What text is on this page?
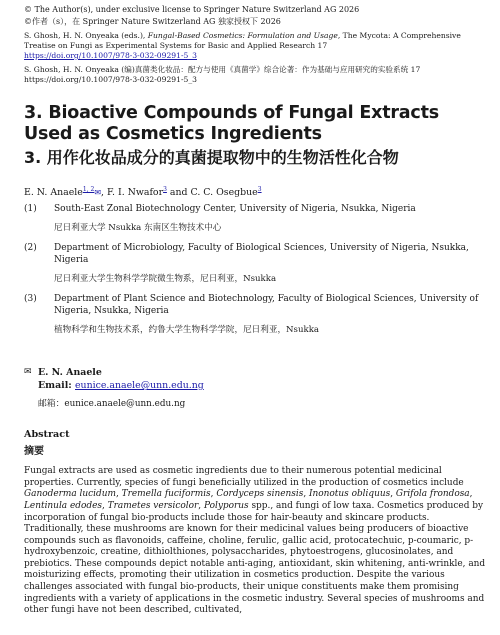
© The Author(s), under exclusive license to Springer Nature Switzerland AG 2026
©作者（s），在 Springer Nature Switzerland AG 独家授权下 2026
S. Ghosh, H. N. Onyeaka (eds.), Fungal-Based Cosmetics: Formulation and Usage, The Mycota: A Comprehensive Treatise on Fungi as Experimental Systems for Basic and Applied Research 17
https://doi.org/10.1007/978-3-032-09291-5_3
S. Ghosh, H. N. Onyeaka (编)真菌类化妆品：配方与使用《真菌学》综合论著：作为基础与应用研究的实验系统 17
https://doi.org/10.1007/978-3-032-09291-5_3
3. Bioactive Compounds of Fungal Extracts Used as Cosmetics Ingredients
3. 用作化妆品成分的真菌提取物中的生物活性化合物
E. N. Anaele$^{1, 2}$✉, F. I. Nwafor$^3$ and C. C. Osegbue$^3$
(1)	South-East Zonal Biotechnology Center, University of Nigeria, Nsukka, Nigeria
尼日利亚大学 Nsukka 东南区生物技术中心
(2)	Department of Microbiology, Faculty of Biological Sciences, University of Nigeria, Nsukka, Nigeria
尼日利亚大学生物科学学院微生物系，尼日利亚，Nsukka
(3)	Department of Plant Science and Biotechnology, Faculty of Biological Sciences, University of Nigeria, Nsukka, Nigeria
植物科学和生物技术系，约鲁大学生物科学学院，尼日利亚，Nsukka
✉ E. N. Anaele
Email: eunice.anaele@unn.edu.ng
邮箱：eunice.anaele@unn.edu.ng
Abstract
摘要
Fungal extracts are used as cosmetic ingredients due to their numerous potential medicinal properties. Currently, species of fungi beneficially utilized in the production of cosmetics include Ganoderma lucidum, Tremella fuciformis, Cordyceps sinensis, Inonotus obliquus, Grifola frondosa, Lentinula edodes, Trametes versicolor, Polyporus spp., and fungi of low taxa. Cosmetics produced by incorporation of fungal bio-products include those for hair-beauty and skincare products. Traditionally, these mushrooms are known for their medicinal values being producers of bioactive compounds such as flavonoids, caffeine, choline, ferulic, gallic acid, protocatechuic, p-coumaric, p-hydroxybenzoic, creatine, dithiolthiones, polysaccharides, phytoestrogens, glucosinolates, and prebiotics. These compounds depict notable anti-aging, antioxidant, skin whitening, anti-wrinkle, and moisturizing effects, promoting their utilization in cosmetics production. Despite the various challenges associated with fungal bio-products, their unique constituents make them promising ingredients with a variety of applications in the cosmetic industry. Several species of mushrooms and other fungi have not been described, cultivated,
